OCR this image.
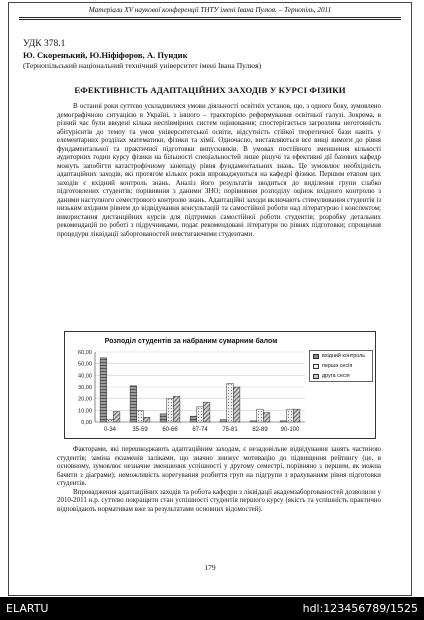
Матеріали XV наукової конференції ТНТУ імені Івана Пулюя. – Тернопіль, 2011
УДК 378.1
Ю. Скоренький, Ю.Ніфіфоров, А. Пундик
(Тернопільський національний технічний університет імені Івана Пулюя)
ЕФЕКТИВНІСТЬ АДАПТАЦІЙНИХ ЗАХОДІВ У КУРСІ ФІЗИКИ

В останні роки суттєво ускладнилися умови діяльності освітніх установ, що, з одного боку, зумовлено демографічною ситуацією в Україні, з іншого – траєкторією реформування освітньої галузі. Зокрема, в різний час були введені кілька неспівмірних систем оцінювання; спостерігається загрозлива неготовність абітурієнтів до темпу та умов університетської освіти, відсутність стійкої теоретичної бази навіть у елементарних розділах математики, фізики та хімії. Одночасно, виставляються все вищі вимоги до рівня фундаментальної та практичної підготовки випускників. В умовах постійного зменшення кількості аудиторних годин курсу фізики на більшості спеціальностей лише рішучі та ефективні дії базових кафедр можуть запобігти катастрофічному занепаду рівня фундаментальних знань. Це зумовлює необхідність адаптаційних заходів, які протягом кількох років впроваджуються на кафедрі фізики. Першим етапом цих заходів є вхідний контроль знань. Аналіз його результатів зводиться до виділення групи слабко підготовлених студентів; порівняння з даними ЗНО; порівняння розподілу оцінок вхідного контролю з даними наступного семестрового контролю знань. Адаптаційні заходи включають стимулювання студентів із низьким вхідним рівнем до відвідування консультацій та самостійної роботи над літературою і конспектом; використання дистанційних курсів для підтримки самостійної роботи студентів; розробку детальних рекомендацій по роботі з підручниками, подає рекомендовані літератури по рівнях підготовки; спрощення процедури ліквідації заборгованостей невстигаючими студентами.

Розподіл студентів за набраним сумарним балом
0,00
10,00
20,00
30,00
40,00
50,00
60,00
0-34	35-59 60-66 67-74 75-81 82-89 90-100
вхідний контроль
перша сесія
друга сесія

Факторами, які перешкоджають адаптаційним заходам, є незадовільне відвідування занять частиною студентів; заміна екзаменів заліками, що значно знижує мотивацію до підвищення рейтингу (це, в основному, зумовлює незначне зменшення успішності у другому семестрі, порівняно з першим, як можна бачити з діаграми); неможливість корегування розбиття груп на підгрупи з врахуванням рівня підготовки студентів.

Впровадження адаптаційних заходів та робота кафедри з ліквідації академзаборгованостей дозволили у 2010-2011 н.р. суттєво покращити стан успішності студентів першого курсу (якість та успішність практично відповідають нормативам вже за результатами основних відомостей).

179
ELARTU	hdl:123456789/1525
